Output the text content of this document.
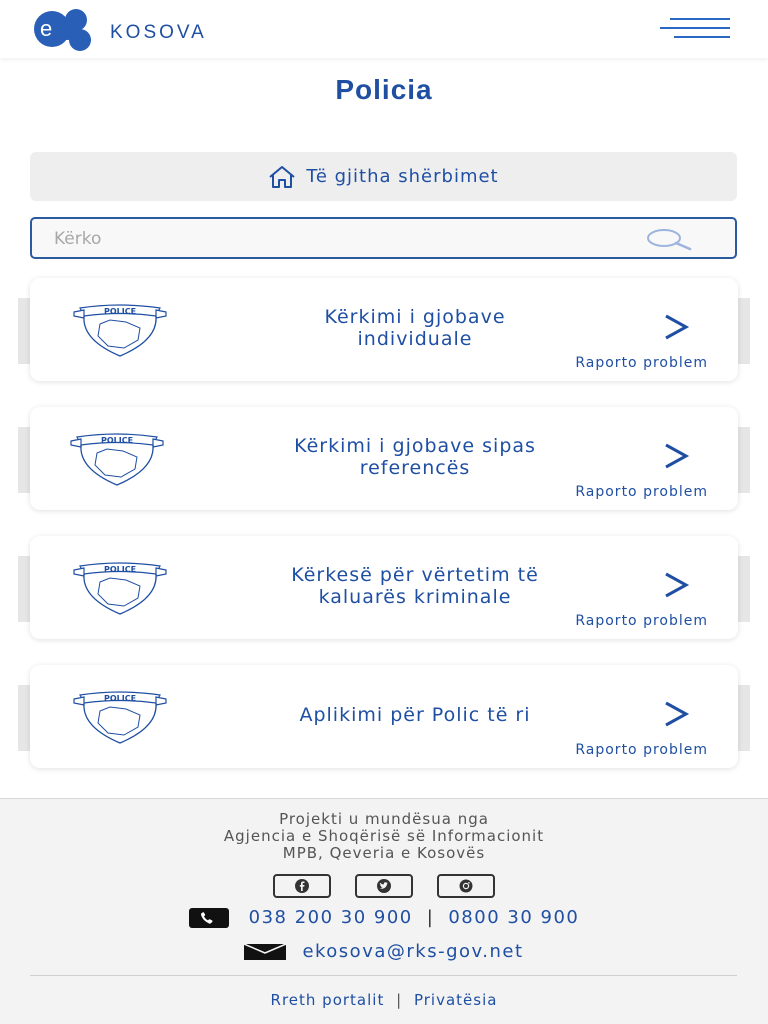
e	KOSOVA
Policia
Të gjitha shërbimet
Kërko
POLICE	Kërkimi i gjobave
individuale
Raporto problem
POLICE	Kërkimi i gjobave sipas
referencës
Raporto problem
POLICE	Kërkesë për vërtetim të
kaluarës kriminale
Raporto problem
POLICE
Aplikimi për Polic të ri
Raporto problem
Projekti u mundësua nga
Agjencia e Shoqërisë së Informacionit
MPB, Qeveria e Kosovës
038 200 30 900 | 0800 30 900
ekosova@rks-gov.net
Rreth portalit | Privatësia
